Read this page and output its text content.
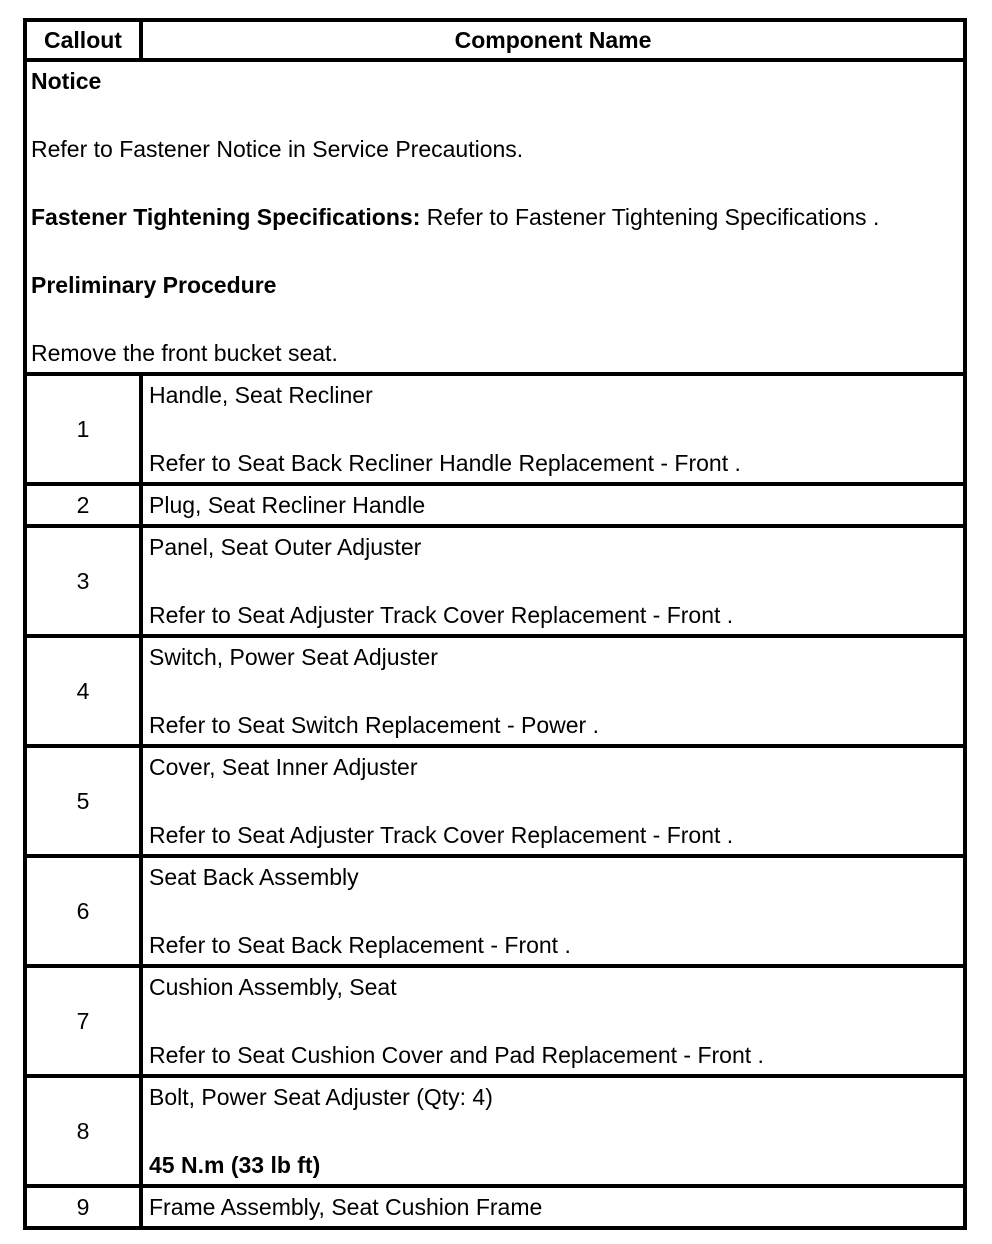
Callout	Component Name

Notice
Refer to Fastener Notice in Service Precautions.
Fastener Tightening Specifications: Refer to Fastener Tightening Specifications .
Preliminary Procedure
Remove the front bucket seat.	

1	Handle, Seat Recliner
Refer to Seat Back Recliner Handle Replacement - Front .

2	Plug, Seat Recliner Handle

3	Panel, Seat Outer Adjuster
Refer to Seat Adjuster Track Cover Replacement - Front .

4	Switch, Power Seat Adjuster
Refer to Seat Switch Replacement - Power .

5	Cover, Seat Inner Adjuster
Refer to Seat Adjuster Track Cover Replacement - Front .

6	Seat Back Assembly
Refer to Seat Back Replacement - Front .

7	Cushion Assembly, Seat
Refer to Seat Cushion Cover and Pad Replacement - Front .

8	Bolt, Power Seat Adjuster (Qty: 4)
45 N.m (33 lb ft)

9	Frame Assembly, Seat Cushion Frame
